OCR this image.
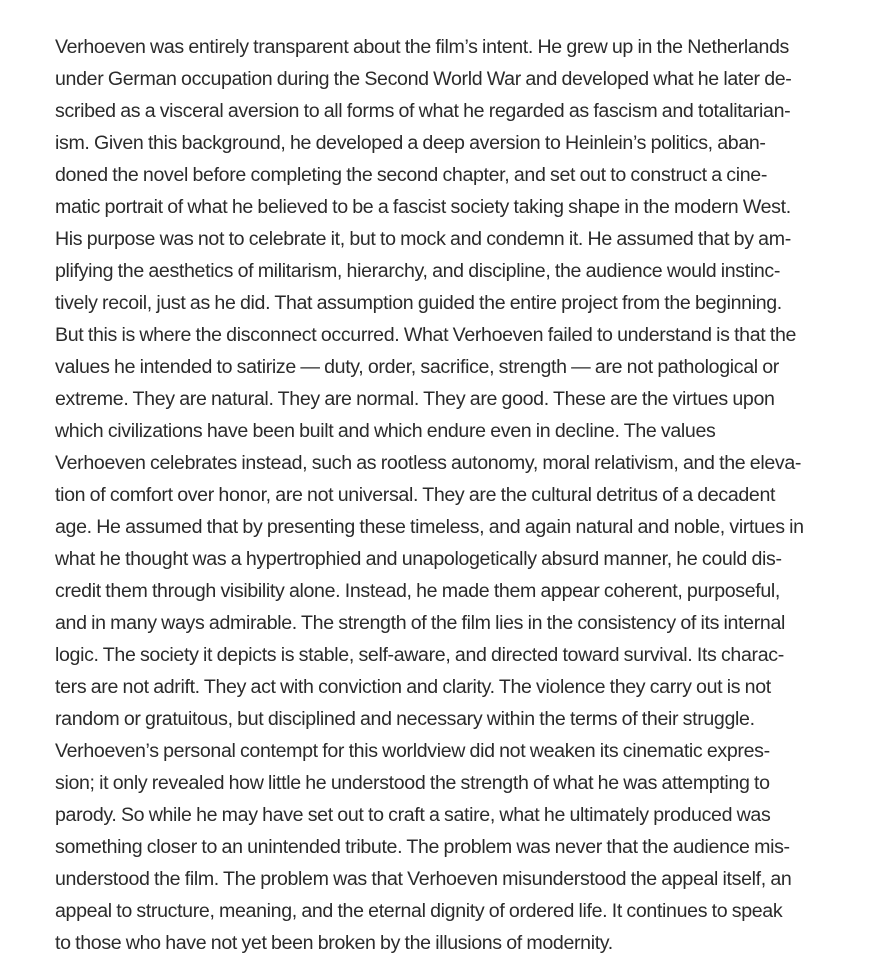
Verhoeven was entirely transparent about the film’s intent. He grew up in the Netherlands
under German occupation during the Second World War and developed what he later de-
scribed as a visceral aversion to all forms of what he regarded as fascism and totalitarian-
ism. Given this background, he developed a deep aversion to Heinlein’s politics, aban-
doned the novel before completing the second chapter, and set out to construct a cine-
matic portrait of what he believed to be a fascist society taking shape in the modern West.
His purpose was not to celebrate it, but to mock and condemn it. He assumed that by am-
plifying the aesthetics of militarism, hierarchy, and discipline, the audience would instinc-
tively recoil, just as he did. That assumption guided the entire project from the beginning.
But this is where the disconnect occurred. What Verhoeven failed to understand is that the
values he intended to satirize — duty, order, sacrifice, strength — are not pathological or
extreme. They are natural. They are normal. They are good. These are the virtues upon
which civilizations have been built and which endure even in decline. The values
Verhoeven celebrates instead, such as rootless autonomy, moral relativism, and the eleva-
tion of comfort over honor, are not universal. They are the cultural detritus of a decadent
age. He assumed that by presenting these timeless, and again natural and noble, virtues in
what he thought was a hypertrophied and unapologetically absurd manner, he could dis-
credit them through visibility alone. Instead, he made them appear coherent, purposeful,
and in many ways admirable. The strength of the film lies in the consistency of its internal
logic. The society it depicts is stable, self-aware, and directed toward survival. Its charac-
ters are not adrift. They act with conviction and clarity. The violence they carry out is not
random or gratuitous, but disciplined and necessary within the terms of their struggle.
Verhoeven’s personal contempt for this worldview did not weaken its cinematic expres-
sion; it only revealed how little he understood the strength of what he was attempting to
parody. So while he may have set out to craft a satire, what he ultimately produced was
something closer to an unintended tribute. The problem was never that the audience mis-
understood the film. The problem was that Verhoeven misunderstood the appeal itself, an
appeal to structure, meaning, and the eternal dignity of ordered life. It continues to speak
to those who have not yet been broken by the illusions of modernity.
